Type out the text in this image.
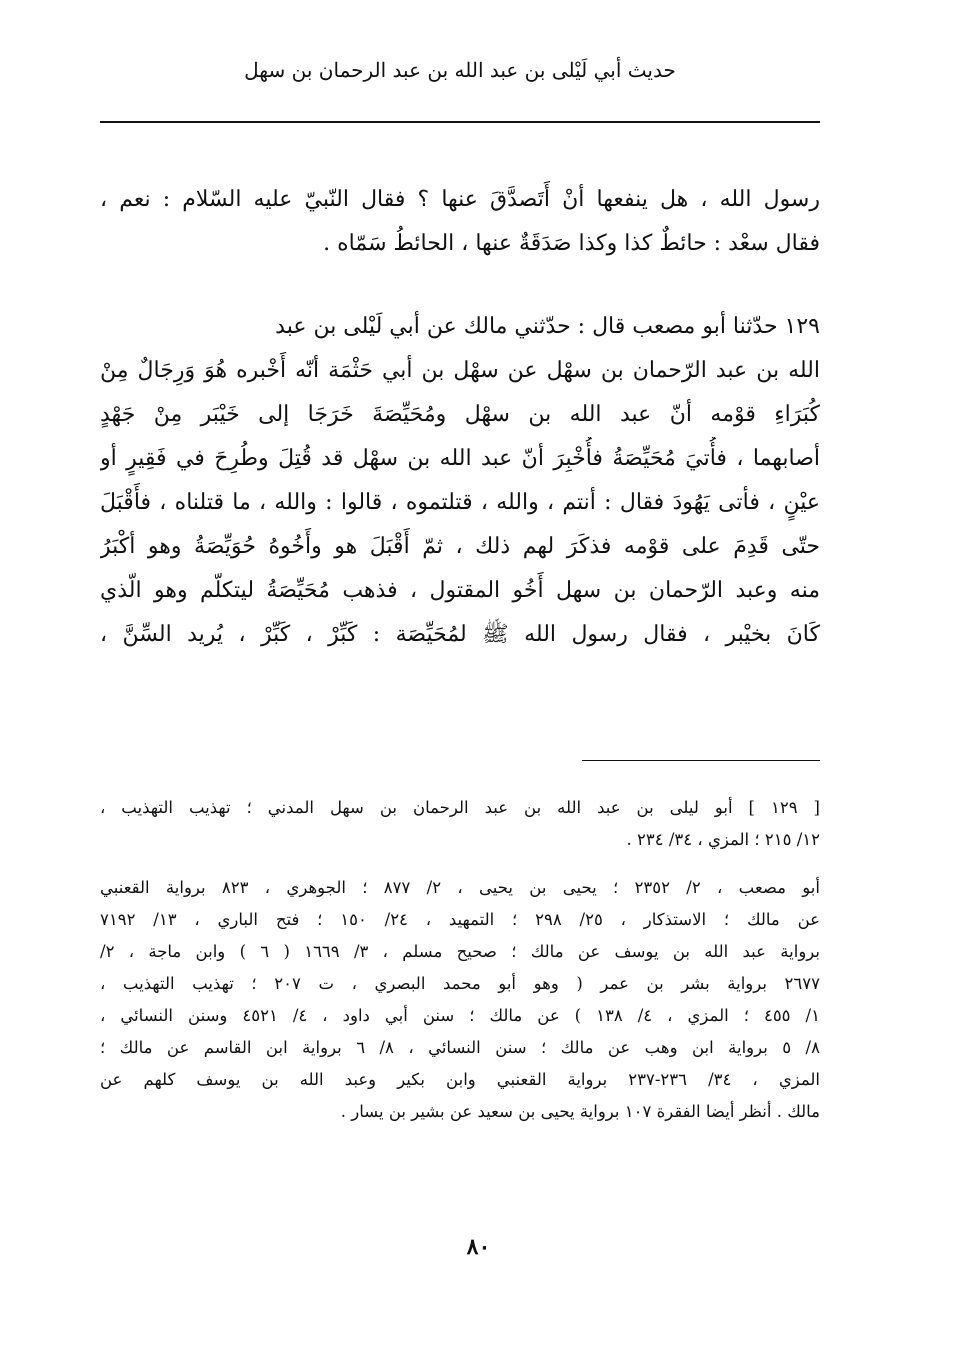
حديث أبي لَيْلى بن عبد الله بن عبد الرحمان بن سهل
رسول الله ، هل ينفعها أنْ أَتَصدَّقَ عنها ؟ فقال النّبيّ عليه السّلام : نعم ،
فقال سعْد : حائطٌ كذا وكذا صَدَقَةٌ عنها ، الحائطُ سَمّاه .
١٢٩ حدّثنا أبو مصعب قال : حدّثني مالك عن أبي لَيْلى بن عبد
الله بن عبد الرّحمان بن سهْل عن سهْل بن أبي حَثْمَة أنّه أَخْبره هُوَ وَرِجَالٌ مِنْ
كُبَرَاءِ قوْمه أنّ عبد الله بن سهْل ومُحَيِّصَةَ خَرَجَا إلى خَيْبَر مِنْ جَهْدٍ
أصابهما ، فأُتيَ مُحَيِّصَةُ فأُخْبِرَ أنّ عبد الله بن سهْل قد قُتِلَ وطُرِحَ في فَقِيرٍ أو
عيْنٍ ، فأتى يَهُودَ فقال : أنتم ، والله ، قتلتموه ، قالوا : والله ، ما قتلناه ، فأَقْبَلَ
حتّى قَدِمَ على قوْمه فذكَرَ لهم ذلك ، ثمّ أَقْبَلَ هو وأَخُوهُ حُوَيِّصَةُ وهو أكْبَرُ
منه وعبد الرّحمان بن سهل أَخُو المقتول ، فذهب مُحَيِّصَةُ ليتكلّم وهو الّذي
كَانَ بخيْبر ، فقال رسول الله ﷺ لمُحَيِّصَة : كَبِّرْ ، كَبِّرْ ، يُريد السِّنَّ ،
[ ١٢٩ ] أبو ليلى بن عبد الله بن عبد الرحمان بن سهل المدني ؛ تهذيب التهذيب ،
١٢/ ٢١٥ ؛ المزي ، ٣٤/ ٢٣٤ .
أبو مصعب ، ٢/ ٢٣٥٢ ؛ يحيى بن يحيى ، ٢/ ٨٧٧ ؛ الجوهري ، ٨٢٣ برواية القعنبي
عن مالك ؛ الاستذكار ، ٢٥/ ٢٩٨ ؛ التمهيد ، ٢٤/ ١٥٠ ؛ فتح الباري ، ١٣/ ٧١٩٢
برواية عبد الله بن يوسف عن مالك ؛ صحيح مسلم ، ٣/ ١٦٦٩ ( ٦ ) وابن ماجة ، ٢/
٢٦٧٧ برواية بشر بن عمر ( وهو أبو محمد البصري ، ت ٢٠٧ ؛ تهذيب التهذيب ،
١/ ٤٥٥ ؛ المزي ، ٤/ ١٣٨ ) عن مالك ؛ سنن أبي داود ، ٤/ ٤٥٢١ وسنن النسائي ،
٨/ ٥ برواية ابن وهب عن مالك ؛ سنن النسائي ، ٨/ ٦ برواية ابن القاسم عن مالك ؛
المزي ، ٣٤/ ٢٣٦-٢٣٧ برواية القعنبي وابن بكير وعبد الله بن يوسف كلهم عن
مالك . أنظر أيضا الفقرة ١٠٧ برواية يحيى بن سعيد عن بشير بن يسار .
٨٠
